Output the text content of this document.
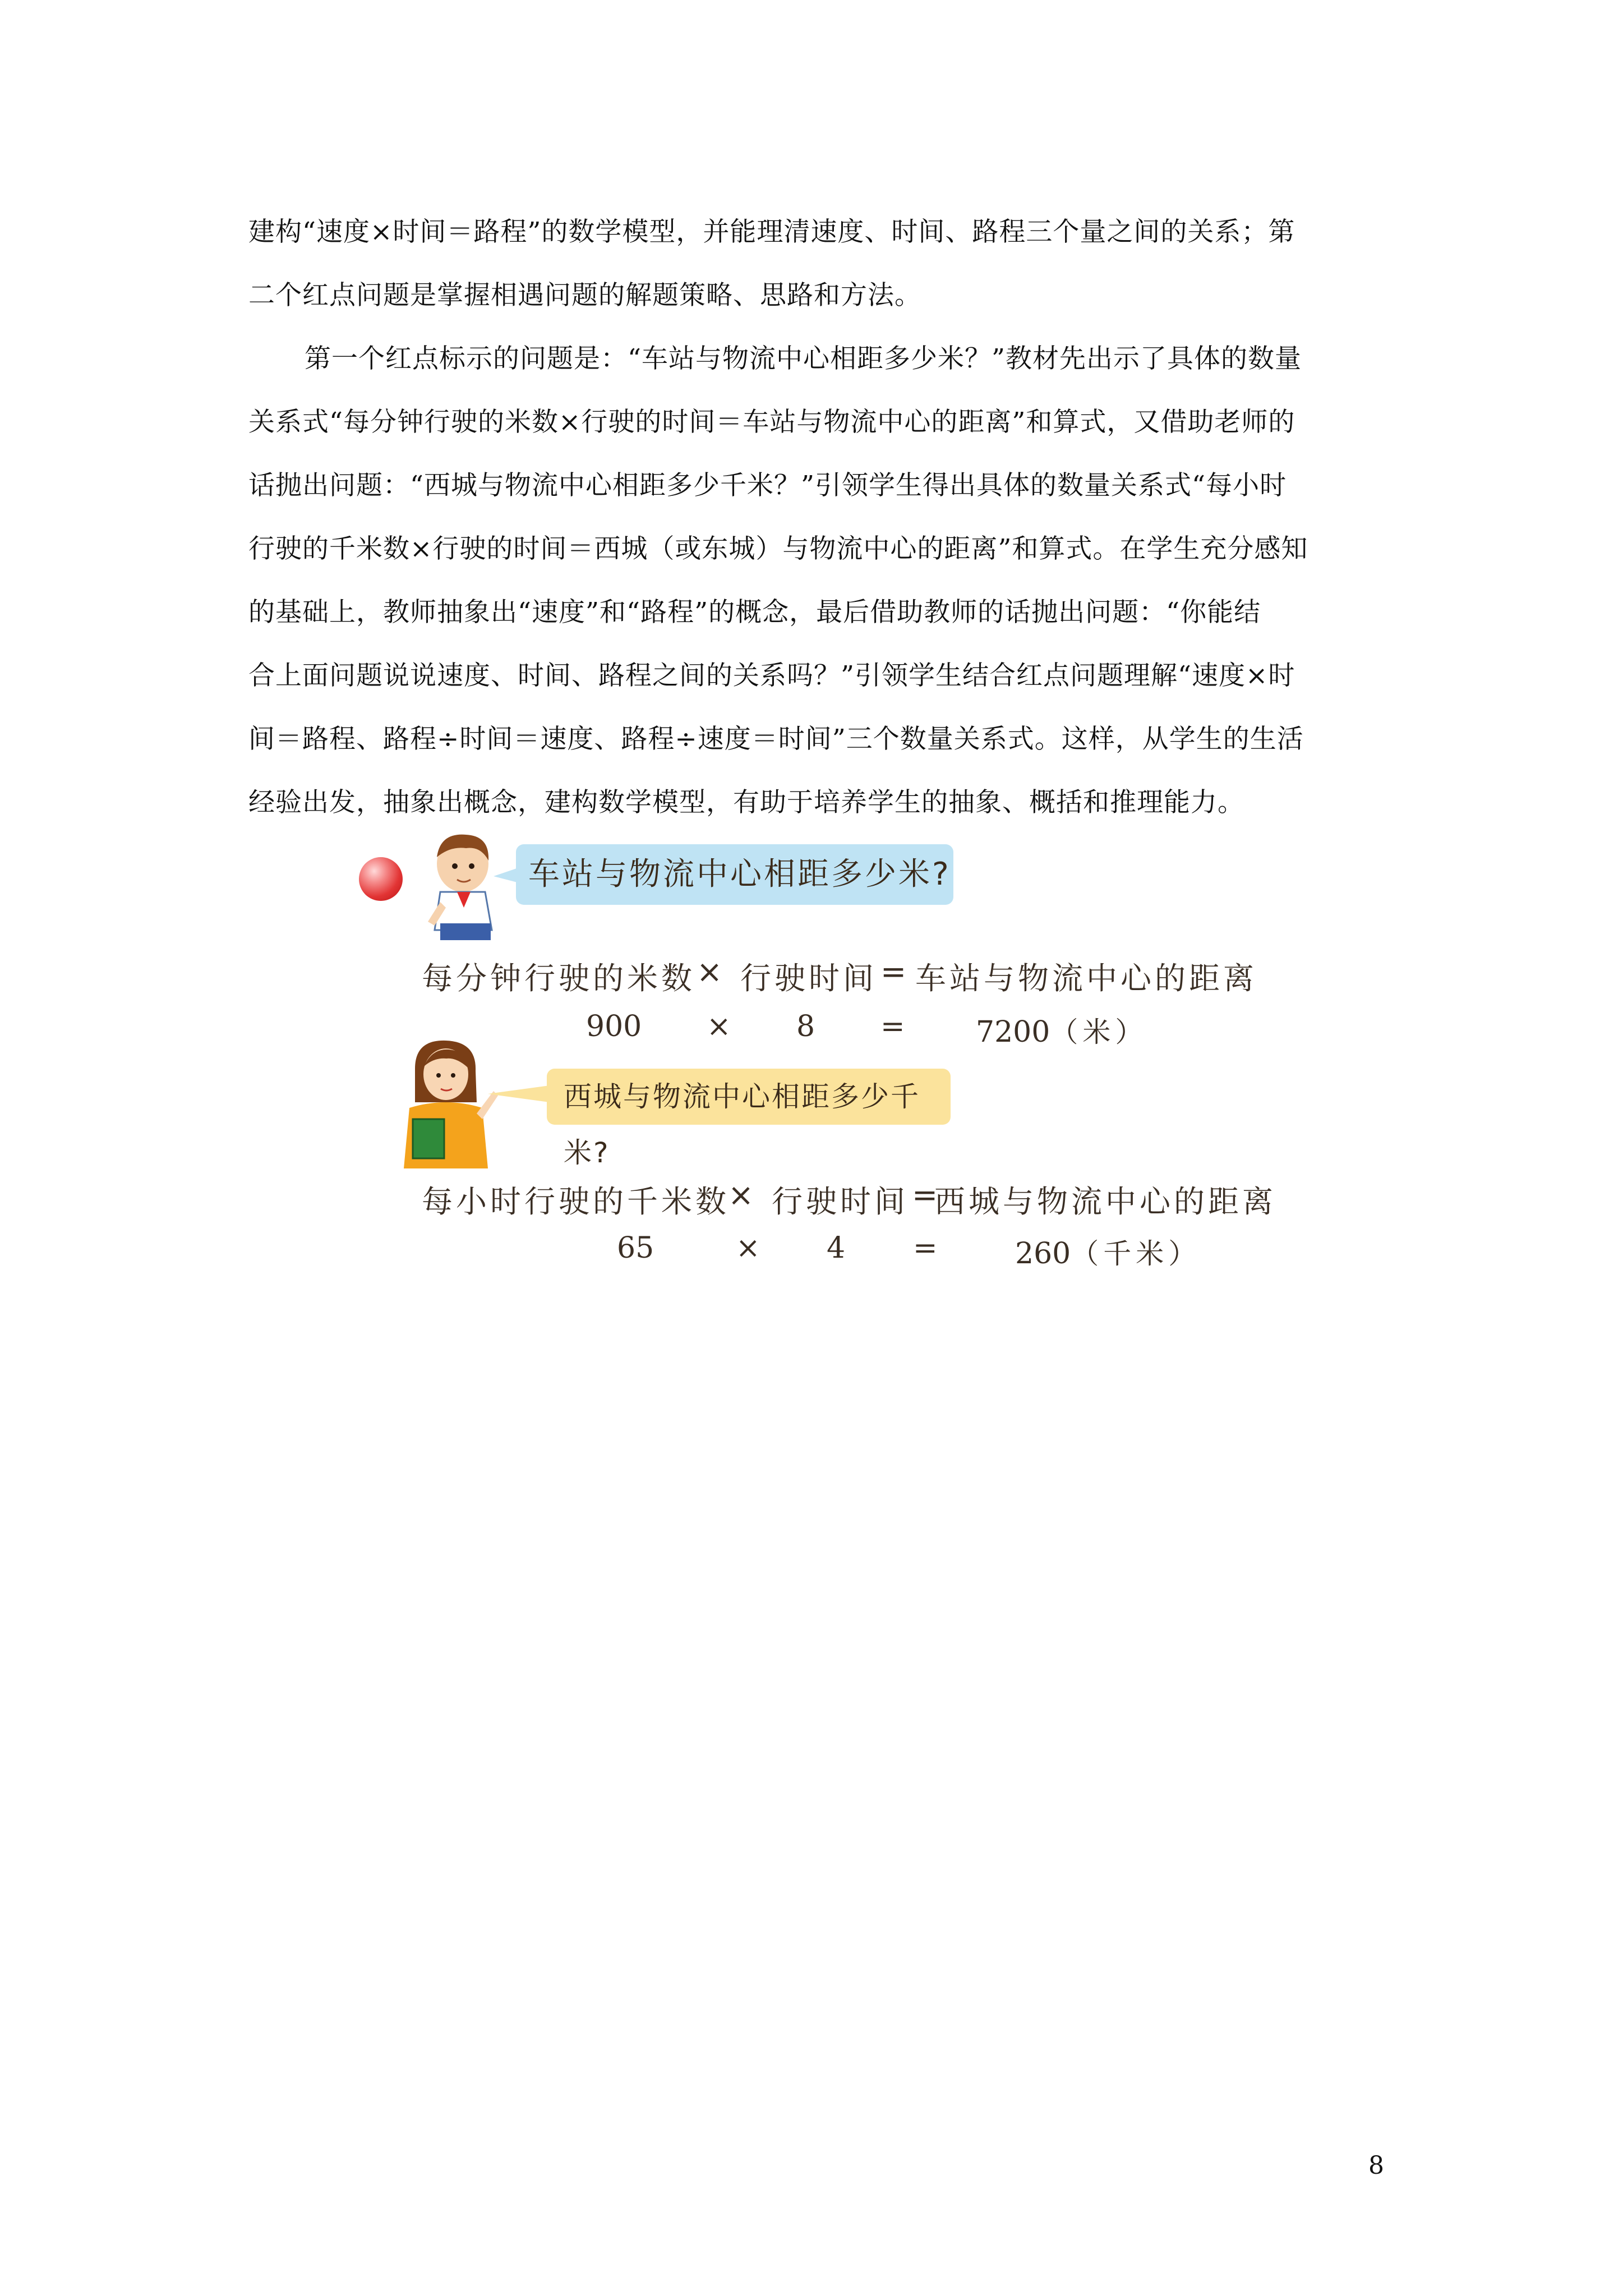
建构“速度×时间＝路程”的数学模型，并能理清速度、时间、路程三个量之间的关系；第
二个红点问题是掌握相遇问题的解题策略、思路和方法。
第一个红点标示的问题是：“车站与物流中心相距多少米？”教材先出示了具体的数量
关系式“每分钟行驶的米数×行驶的时间＝车站与物流中心的距离”和算式，又借助老师的
话抛出问题：“西城与物流中心相距多少千米？”引领学生得出具体的数量关系式“每小时
行驶的千米数×行驶的时间＝西城（或东城）与物流中心的距离”和算式。在学生充分感知
的基础上，教师抽象出“速度”和“路程”的概念，最后借助教师的话抛出问题：“你能结
合上面问题说说速度、时间、路程之间的关系吗？”引领学生结合红点问题理解“速度×时
间＝路程、路程÷时间＝速度、路程÷速度＝时间”三个数量关系式。这样，从学生的生活
经验出发，抽象出概念，建构数学模型，有助于培养学生的抽象、概括和推理能力。
车站与物流中心相距多少米?
每分钟行驶的米数 × 行驶时间 = 车站与物流中心的距离
900 × 8 = 7200（米）
西城与物流中心相距多少千米?
每小时行驶的千米数
× 行驶时间 =
西城与物流中心的距离
65	× 4 =	260（千米）
8
